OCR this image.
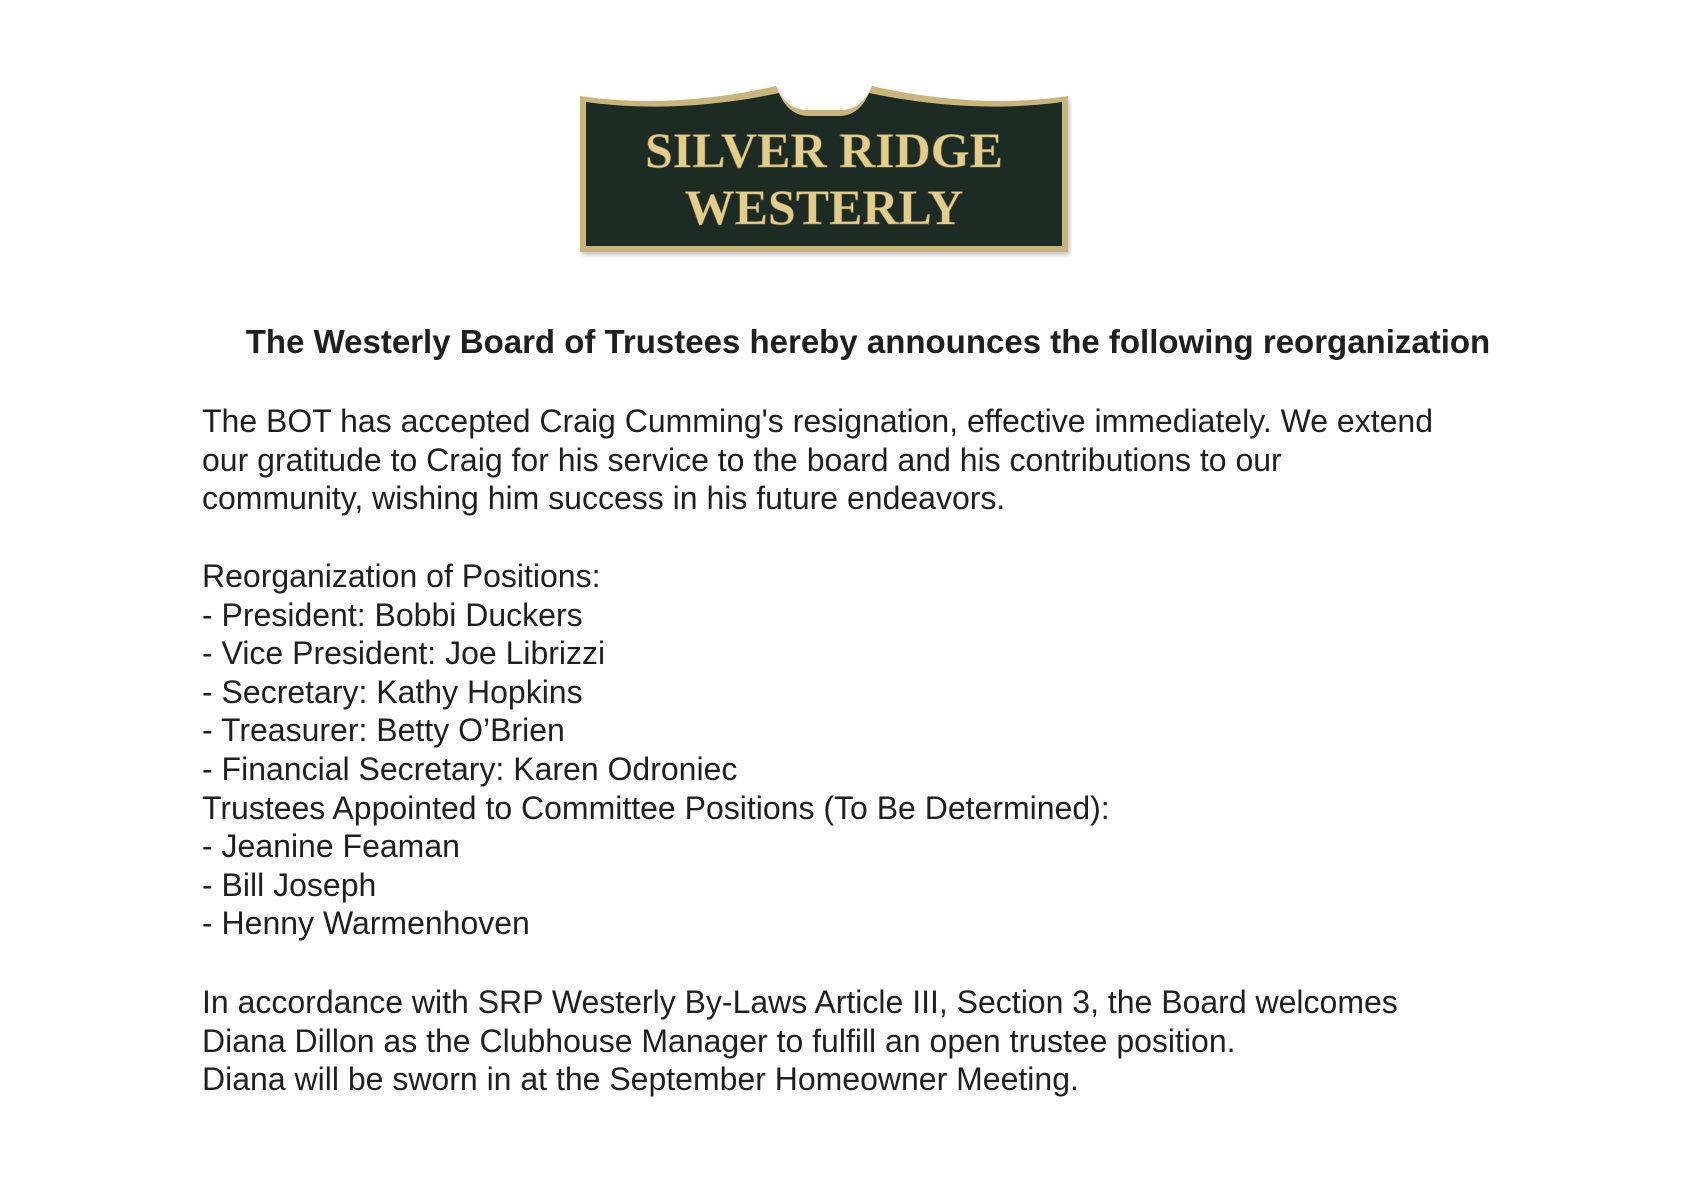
SILVER RIDGE
WESTERLY
The Westerly Board of Trustees hereby announces the following reorganization
The BOT has accepted Craig Cumming's resignation, effective immediately. We extend
our gratitude to Craig for his service to the board and his contributions to our
community, wishing him success in his future endeavors.
Reorganization of Positions:
- President: Bobbi Duckers
- Vice President: Joe Librizzi
- Secretary: Kathy Hopkins
- Treasurer: Betty O’Brien
- Financial Secretary: Karen Odroniec
Trustees Appointed to Committee Positions (To Be Determined):
- Jeanine Feaman
- Bill Joseph
- Henny Warmenhoven
In accordance with SRP Westerly By-Laws Article III, Section 3, the Board welcomes
Diana Dillon as the Clubhouse Manager to fulfill an open trustee position.
Diana will be sworn in at the September Homeowner Meeting.
